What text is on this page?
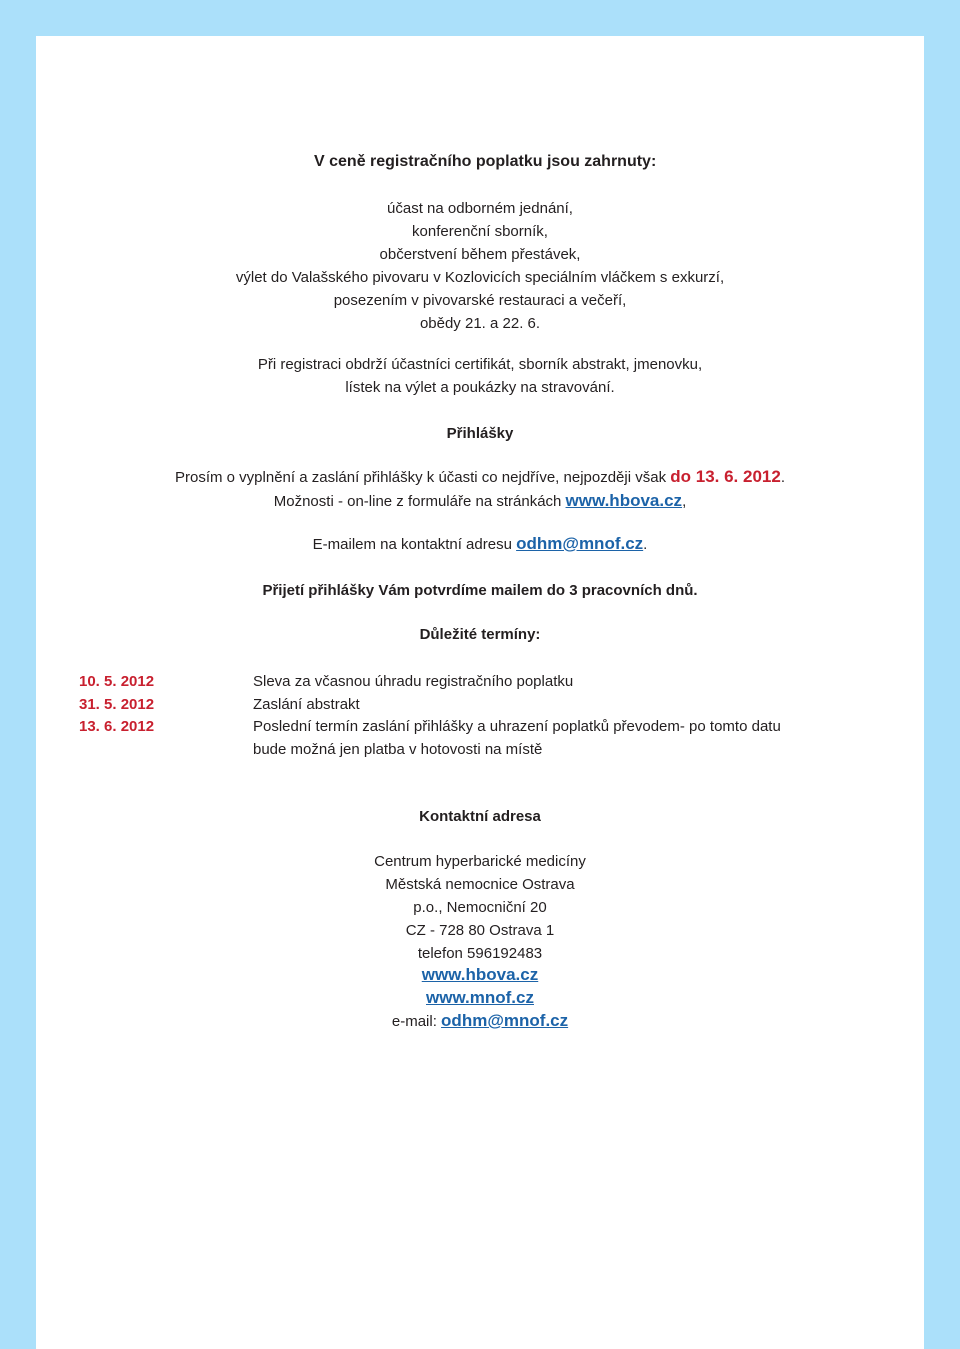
V ceně registračního poplatku jsou zahrnuty:
účast na odborném jednání,
konferenční sborník,
občerstvení během přestávek,
výlet do Valašského pivovaru v Kozlovicích speciálním vláčkem s exkurzí,
posezením v pivovarské restauraci a večeří,
obědy 21. a 22. 6.
Při registraci obdrží účastníci certifikát, sborník abstrakt, jmenovku,
lístek na výlet a poukázky na stravování.
Přihlášky
Prosím o vyplnění a zaslání přihlášky k účasti co nejdříve, nejpozději však do 13. 6. 2012.
Možnosti - on-line z formuláře na stránkách www.hbova.cz,
E-mailem na kontaktní adresu odhm@mnof.cz.
Přijetí přihlášky Vám potvrdíme mailem do 3 pracovních dnů.
Důležité termíny:
10. 5. 2012	Sleva za včasnou úhradu registračního poplatku
31. 5. 2012	Zaslání abstrakt
13. 6. 2012	Poslední termín zaslání přihlášky a uhrazení poplatků převodem- po tomto datu
bude možná jen platba v hotovosti na místě
Kontaktní adresa
Centrum hyperbarické medicíny
Městská nemocnice Ostrava
p.o., Nemocniční 20
CZ - 728 80 Ostrava 1
telefon 596192483
www.hbova.cz
www.mnof.cz
e-mail: odhm@mnof.cz
